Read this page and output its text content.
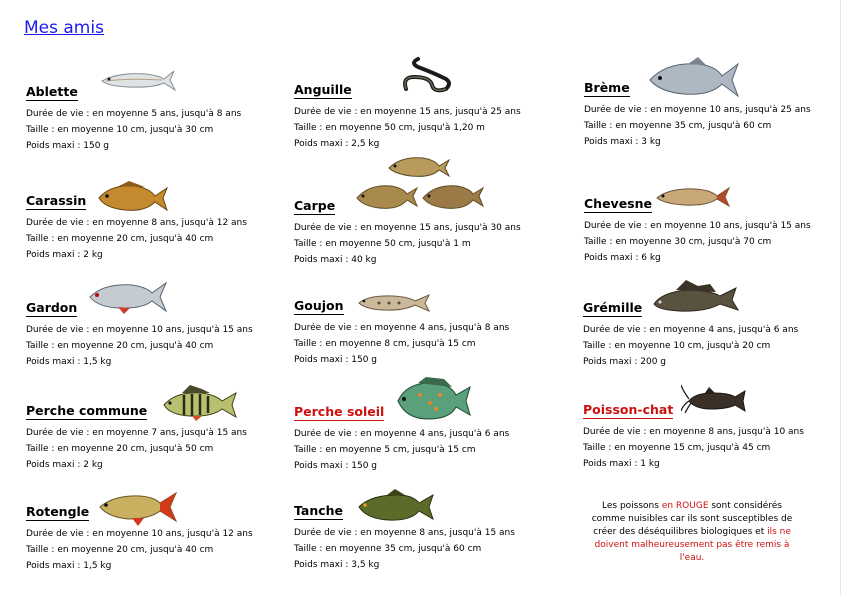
Mes amis
Ablette
Durée de vie : en moyenne 5 ans, jusqu'à 8 ans
Taille : en moyenne 10 cm, jusqu'à 30 cm
Poids maxi : 150 g
Anguille
Durée de vie : en moyenne 15 ans, jusqu'à 25 ans
Taille : en moyenne 50 cm, jusqu'à 1,20 m
Poids maxi : 2,5 kg
Brème
Durée de vie : en moyenne 10 ans, jusqu'à 25 ans
Taille : en moyenne 35 cm, jusqu'à 60 cm
Poids maxi : 3 kg
Carassin
Durée de vie : en moyenne 8 ans, jusqu'à 12 ans
Taille : en moyenne 20 cm, jusqu'à 40 cm
Poids maxi : 2 kg
Carpe
Durée de vie : en moyenne 15 ans, jusqu'à 30 ans
Taille : en moyenne 50 cm, jusqu'à 1 m
Poids maxi : 40 kg
Chevesne
Durée de vie : en moyenne 10 ans, jusqu'à 15 ans
Taille : en moyenne 30 cm, jusqu'à 70 cm
Poids maxi : 6 kg
Gardon
Durée de vie : en moyenne 10 ans, jusqu'à 15 ans
Taille : en moyenne 20 cm, jusqu'à 40 cm
Poids maxi : 1,5 kg
Goujon
Durée de vie : en moyenne 4 ans, jusqu'à 8 ans
Taille : en moyenne 8 cm, jusqu'à 15 cm
Poids maxi : 150 g
Grémille
Durée de vie : en moyenne 4 ans, jusqu'à 6 ans
Taille : en moyenne 10 cm, jusqu'à 20 cm
Poids maxi : 200 g
Perche commune
Durée de vie : en moyenne 7 ans, jusqu'à 15 ans
Taille : en moyenne 20 cm, jusqu'à 50 cm
Poids maxi : 2 kg
Perche soleil
Durée de vie : en moyenne 4 ans, jusqu'à 6 ans
Taille : en moyenne 5 cm, jusqu'à 15 cm
Poids maxi : 150 g
Poisson-chat
Durée de vie : en moyenne 8 ans, jusqu'à 10 ans
Taille : en moyenne 15 cm, jusqu'à 45 cm
Poids maxi : 1 kg
Rotengle
Durée de vie : en moyenne 10 ans, jusqu'à 12 ans
Taille : en moyenne 20 cm, jusqu'à 40 cm
Poids maxi : 1,5 kg
Tanche
Durée de vie : en moyenne 8 ans, jusqu'à 15 ans
Taille : en moyenne 35 cm, jusqu'à 60 cm
Poids maxi : 3,5 kg
Les poissons en ROUGE sont considérés comme nuisibles car ils sont susceptibles de créer des déséquilibres biologiques et ils ne doivent malheureusement pas être remis à l'eau.
